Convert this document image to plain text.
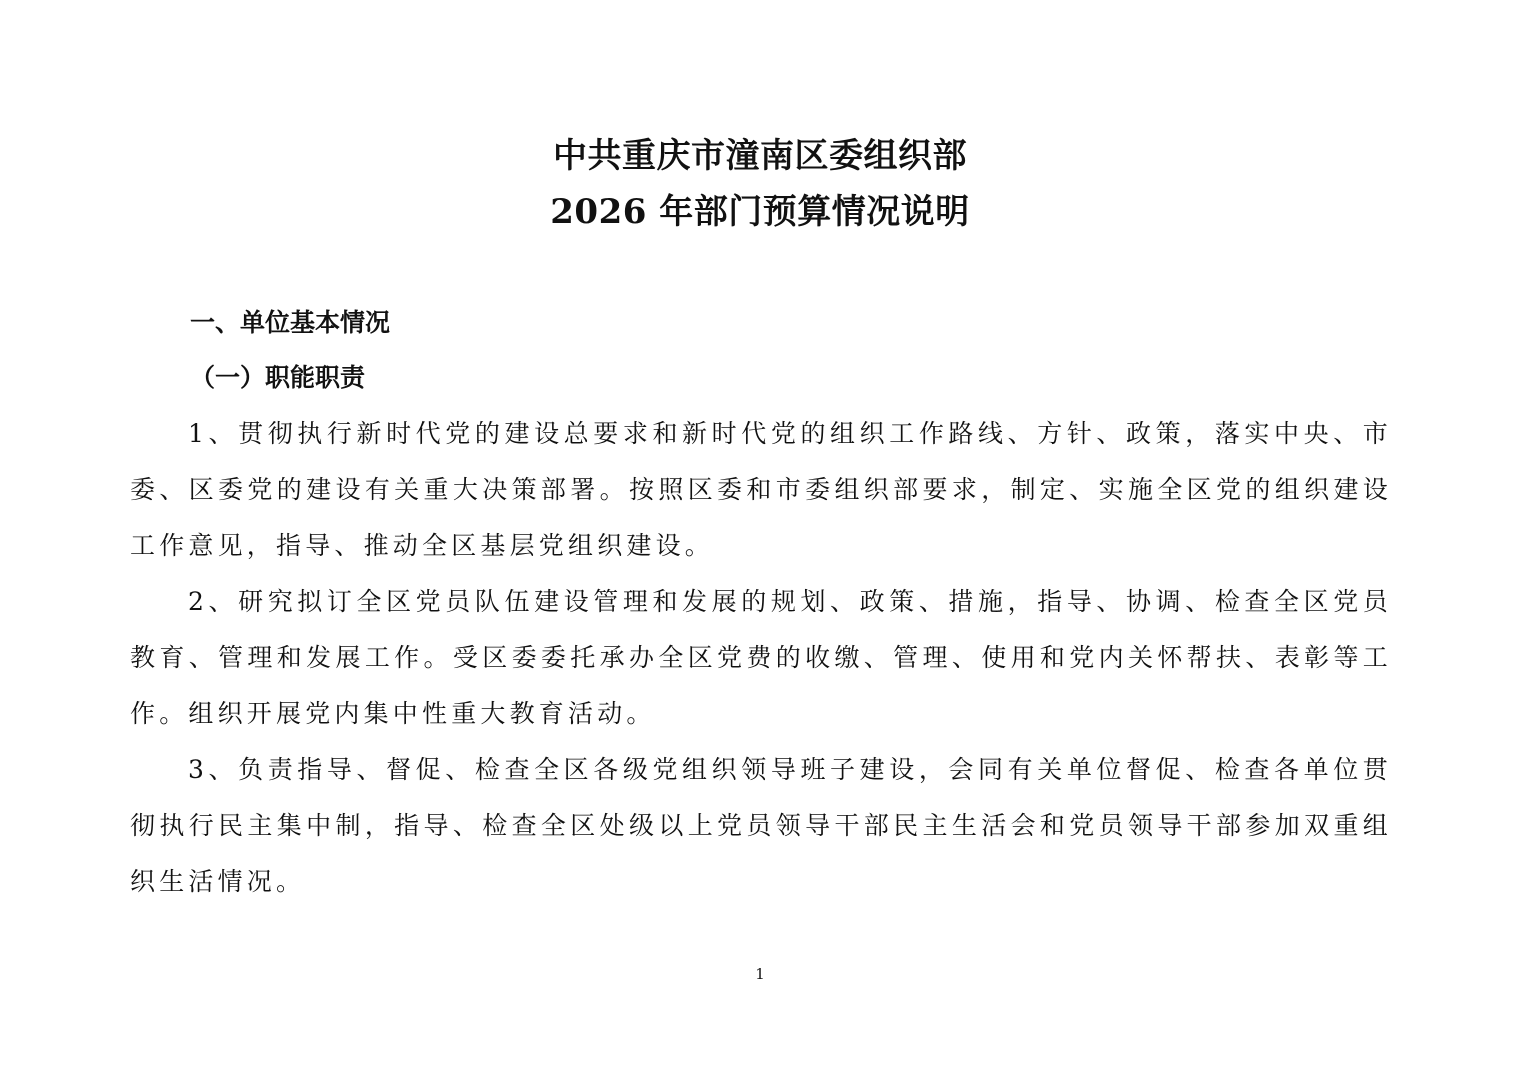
中共重庆市潼南区委组织部
2026 年部门预算情况说明
一、单位基本情况
（一）职能职责

1、贯彻执行新时代党的建设总要求和新时代党的组织工作路线、方针、政策，落实中央、市委、区委党的建设有关重大决策部署。按照区委和市委组织部要求，制定、实施全区党的组织建设工作意见，指导、推动全区基层党组织建设。

2、研究拟订全区党员队伍建设管理和发展的规划、政策、措施，指导、协调、检查全区党员教育、管理和发展工作。受区委委托承办全区党费的收缴、管理、使用和党内关怀帮扶、表彰等工作。组织开展党内集中性重大教育活动。

3、负责指导、督促、检查全区各级党组织领导班子建设，会同有关单位督促、检查各单位贯彻执行民主集中制，指导、检查全区处级以上党员领导干部民主生活会和党员领导干部参加双重组织生活情况。

1
